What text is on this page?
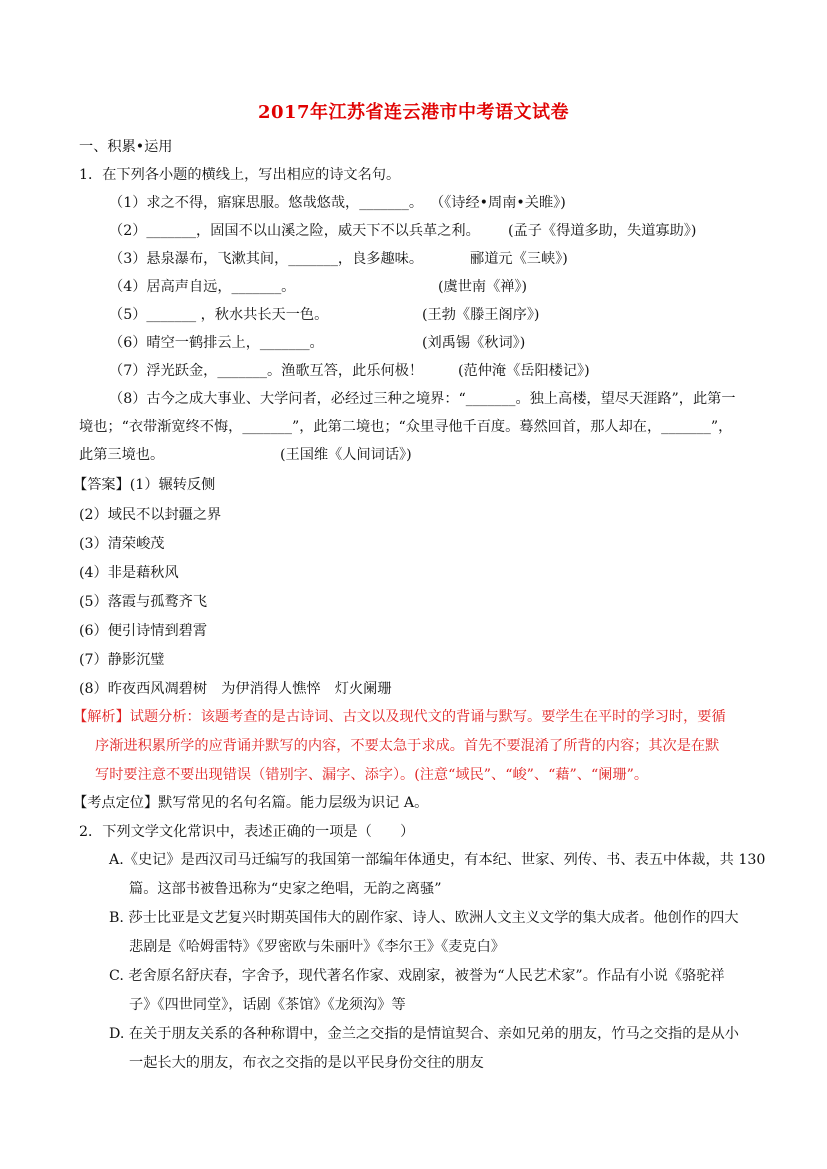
2017年江苏省连云港市中考语文试卷
一、积累•运用
1．在下列各小题的横线上，写出相应的诗文名句。
（1）求之不得，寤寐思服。悠哉悠哉，_______。 （《诗经•周南•关睢》)
（2）_______，固国不以山溪之险，威天下不以兵革之利。 (孟子《得道多助，失道寡助》)
（3）悬泉瀑布，飞漱其间，_______，良多趣味。	郦道元《三峡》)
（4）居高声自远，_______。	(虞世南《禅》)
（5）_______ ，秋水共长天一色。	(王勃《滕王阁序》)
（6）晴空一鹤排云上，_______。	(刘禹锡《秋词》)
（7）浮光跃金，_______。渔歌互答，此乐何极！ (范仲淹《岳阳楼记》)
（8）古今之成大事业、大学问者，必经过三种之境界：“_______。独上高楼，望尽天涯路”，此第一
境也；“衣带渐宽终不悔，_______”，此第二境也；“众里寻他千百度。蓦然回首，那人却在，_______”，
此第三境也。	(王国维《人间词话》)
【答案】(1）辗转反侧
(2）域民不以封疆之界
(3）清荣峻茂
(4）非是藉秋风
(5）落霞与孤鹜齐飞
(6）便引诗情到碧霄
(7）静影沉璧
(8）昨夜西风凋碧树　为伊消得人憔悴　灯火阑珊
【解析】试题分析：该题考查的是古诗词、古文以及现代文的背诵与默写。要学生在平时的学习时，要循
序渐进积累所学的应背诵并默写的内容，不要太急于求成。首先不要混淆了所背的内容；其次是在默
写时要注意不要出现错误（错别字、漏字、添字）。(注意“域民”、“峻”、“藉”、“阑珊”。
【考点定位】默写常见的名句名篇。能力层级为识记 A。
2．下列文学文化常识中，表述正确的一项是（　　）
A.《史记》是西汉司马迁编写的我国第一部编年体通史，有本纪、世家、列传、书、表五中体裁，共 130
篇。这部书被鲁迅称为“史家之绝唱，无韵之离骚”
B. 莎士比亚是文艺复兴时期英国伟大的剧作家、诗人、欧洲人文主义文学的集大成者。他创作的四大
悲剧是《哈姆雷特》《罗密欧与朱丽叶》《李尔王》《麦克白》
C. 老舍原名舒庆春，字舍予，现代著名作家、戏剧家，被誉为“人民艺术家”。作品有小说《骆驼祥
子》《四世同堂》，话剧《茶馆》《龙须沟》等
D. 在关于朋友关系的各种称谓中，金兰之交指的是情谊契合、亲如兄弟的朋友，竹马之交指的是从小
一起长大的朋友，布衣之交指的是以平民身份交往的朋友
